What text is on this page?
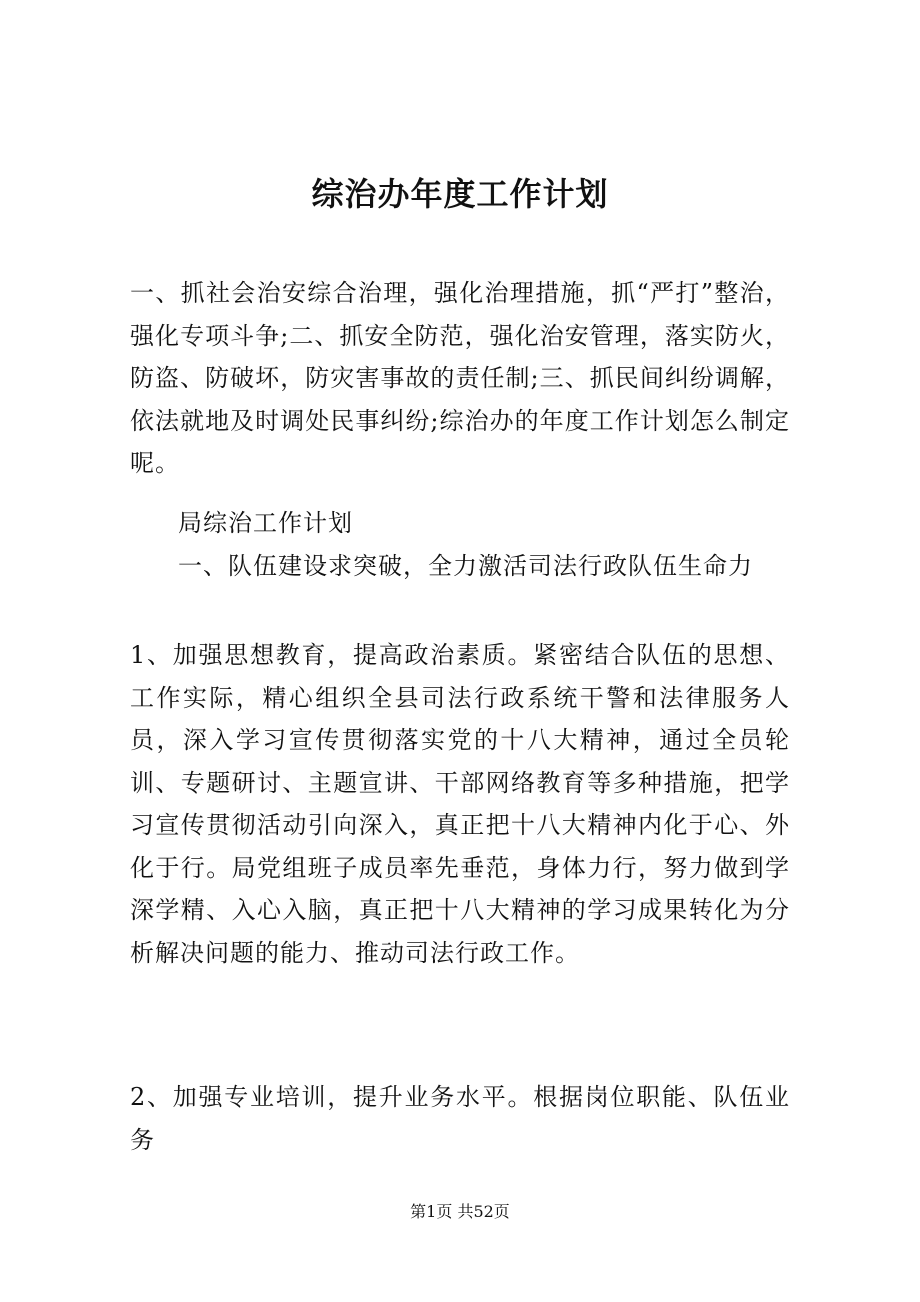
综治办年度工作计划
一、抓社会治安综合治理，强化治理措施，抓“严打”整治，强化专项斗争;二、抓安全防范，强化治安管理，落实防火，防盗、防破坏，防灾害事故的责任制;三、抓民间纠纷调解，依法就地及时调处民事纠纷;综治办的年度工作计划怎么制定呢。
局综治工作计划
一、队伍建设求突破，全力激活司法行政队伍生命力
1、加强思想教育，提高政治素质。紧密结合队伍的思想、工作实际，精心组织全县司法行政系统干警和法律服务人员，深入学习宣传贯彻落实党的十八大精神，通过全员轮训、专题研讨、主题宣讲、干部网络教育等多种措施，把学习宣传贯彻活动引向深入，真正把十八大精神内化于心、外化于行。局党组班子成员率先垂范，身体力行，努力做到学深学精、入心入脑，真正把十八大精神的学习成果转化为分析解决问题的能力、推动司法行政工作。
2、加强专业培训，提升业务水平。根据岗位职能、队伍业务
第1页 共52页
